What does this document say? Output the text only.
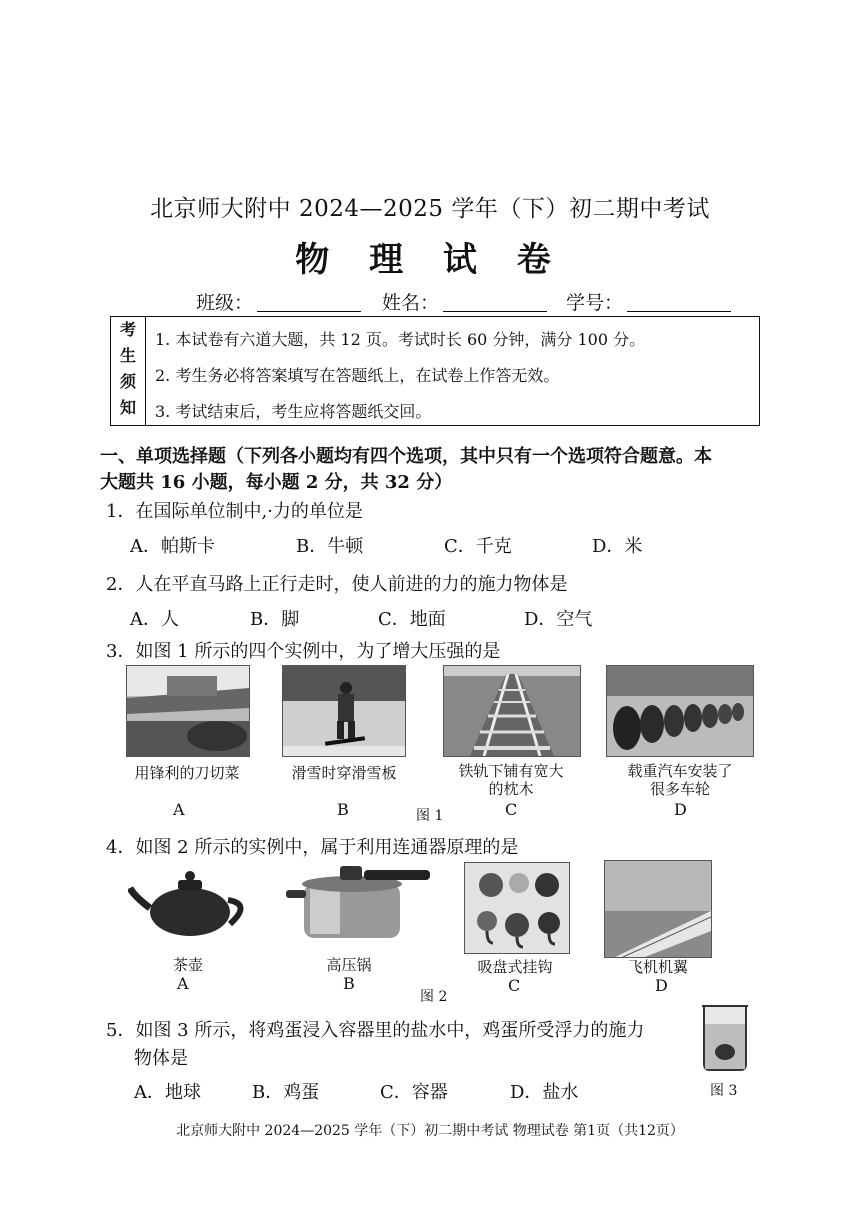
北京师大附中 2024—2025 学年（下）初二期中考试
物 理 试 卷
班级：	姓名：	学号：
考
生
须
知
1. 本试卷有六道大题，共 12 页。考试时长 60 分钟，满分 100 分。
2. 考生务必将答案填写在答题纸上，在试卷上作答无效。
3. 考试结束后，考生应将答题纸交回。
一、单项选择题（下列各小题均有四个选项，其中只有一个选项符合题意。本
大题共 16 小题，每小题 2 分，共 32 分）
1．在国际单位制中,·力的单位是
A．帕斯卡	B．牛顿	C．千克	D．米
2．人在平直马路上正行走时，使人前进的力的施力物体是
A．人	B．脚	C．地面	D．空气
3．如图 1 所示的四个实例中，为了增大压强的是
用锋利的刀切菜	滑雪时穿滑雪板	铁轨下铺有宽大
的枕木
载重汽车安装了
很多车轮
A	B	图 1	C	D
4．如图 2 所示的实例中，属于利用连通器原理的是
茶壶	高压锅	吸盘式挂钩	飞机机翼
A	B
图 2
C	D
5．如图 3 所示，将鸡蛋浸入容器里的盐水中，鸡蛋所受浮力的施力
物体是
A．地球	B．鸡蛋	C．容器	D．盐水	图 3
北京师大附中 2024—2025 学年（下）初二期中考试 物理试卷 第1页（共12页）
